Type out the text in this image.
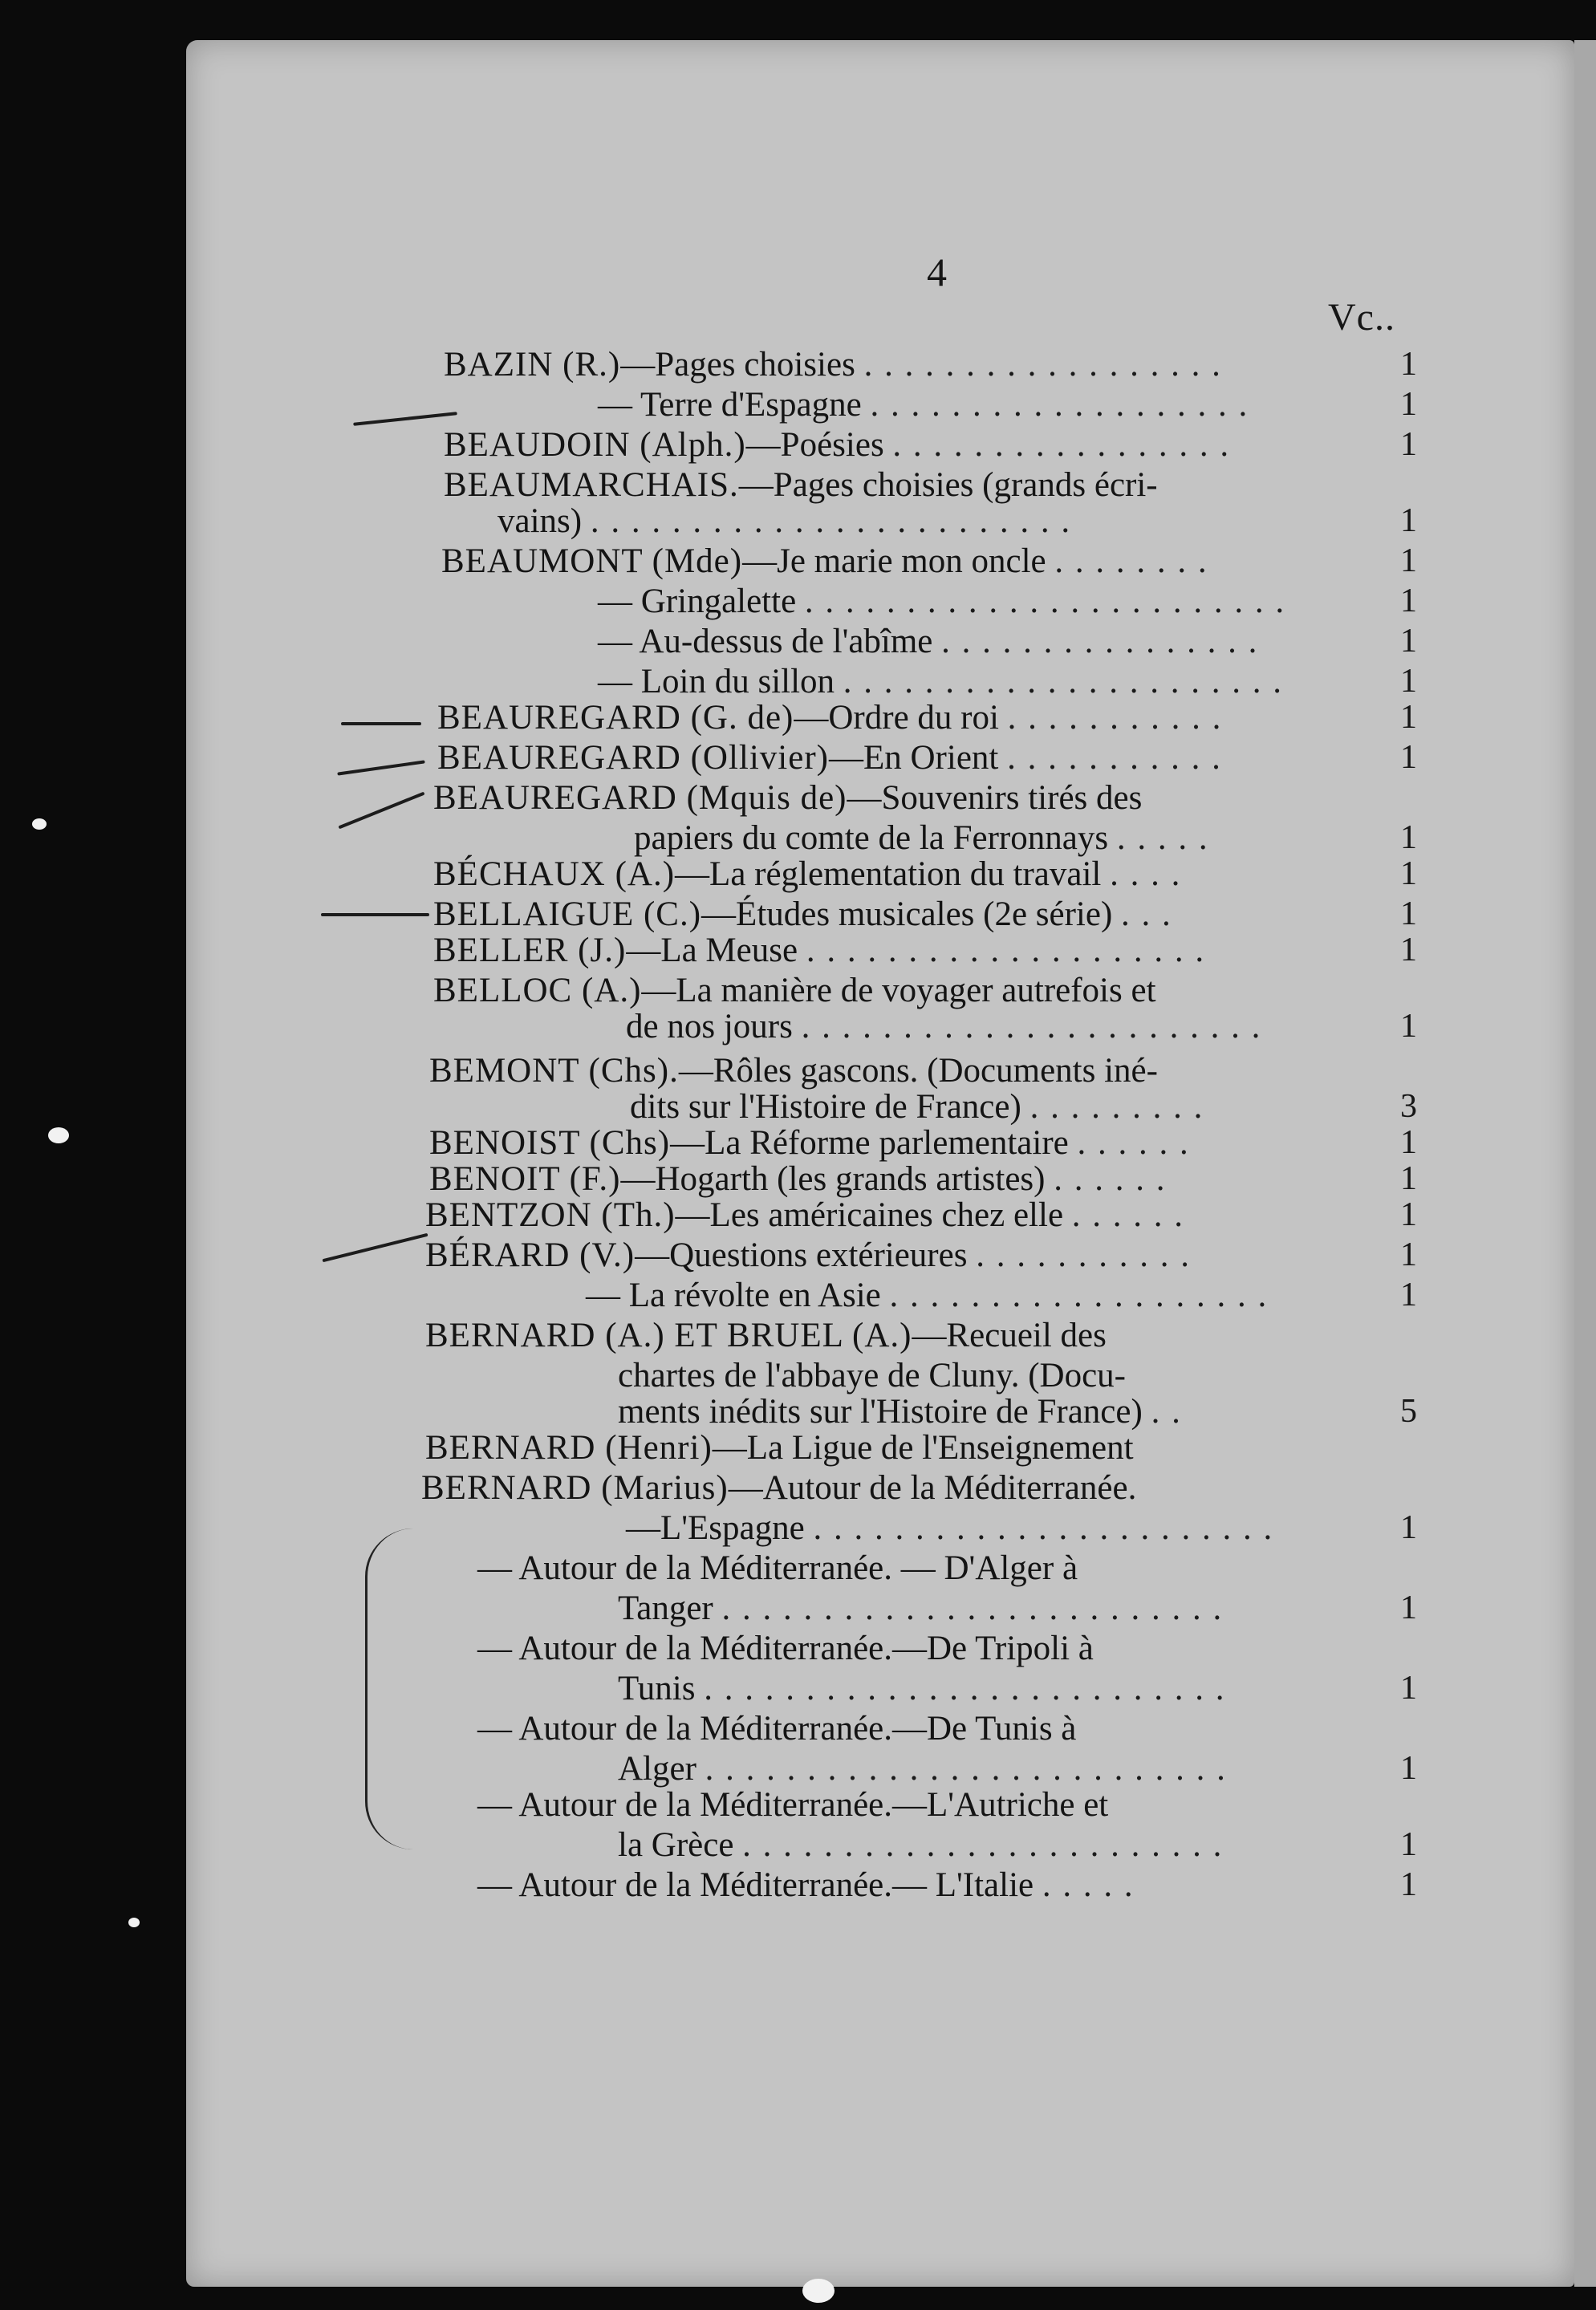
4
Vc..
BAZIN (R.)—Pages choisies . . . . . . . . . . . . . . . . . .	1
— Terre d'Espagne . . . . . . . . . . . . . . . . . . .	1
BEAUDOIN (Alph.)—Poésies . . . . . . . . . . . . . . . . .	1
BEAUMARCHAIS.—Pages choisies (grands écri-
vains) . . . . . . . . . . . . . . . . . . . . . . . .	1
BEAUMONT (Mde)—Je marie mon oncle . . . . . . . .	1
— Gringalette . . . . . . . . . . . . . . . . . . . . . . . .	1
— Au-dessus de l'abîme . . . . . . . . . . . . . . . .	1
— Loin du sillon . . . . . . . . . . . . . . . . . . . . . .	1
BEAUREGARD (G. de)—Ordre du roi . . . . . . . . . . .	1
BEAUREGARD (Ollivier)—En Orient . . . . . . . . . . .	1
BEAUREGARD (Mquis de)—Souvenirs tirés des
papiers du comte de la Ferronnays . . . . .	1
BÉCHAUX (A.)—La réglementation du travail . . . .	1
BELLAIGUE (C.)—Études musicales (2e série) . . .	1
BELLER (J.)—La Meuse . . . . . . . . . . . . . . . . . . . .	1
BELLOC (A.)—La manière de voyager autrefois et
de nos jours . . . . . . . . . . . . . . . . . . . . . . .	1
BEMONT (Chs).—Rôles gascons. (Documents iné-
dits sur l'Histoire de France) . . . . . . . . .	3
BENOIST (Chs)—La Réforme parlementaire . . . . . .	1
BENOIT (F.)—Hogarth (les grands artistes) . . . . . .	1
BENTZON (Th.)—Les américaines chez elle . . . . . .	1
BÉRARD (V.)—Questions extérieures . . . . . . . . . . .	1
— La révolte en Asie . . . . . . . . . . . . . . . . . . .	1
BERNARD (A.) ET BRUEL (A.)—Recueil des
chartes de l'abbaye de Cluny. (Docu-
ments inédits sur l'Histoire de France) . .	5
BERNARD (Henri)—La Ligue de l'Enseignement
BERNARD (Marius)—Autour de la Méditerranée.
—L'Espagne . . . . . . . . . . . . . . . . . . . . . . .	1
— Autour de la Méditerranée. — D'Alger à
Tanger . . . . . . . . . . . . . . . . . . . . . . . . .	1
— Autour de la Méditerranée.—De Tripoli à
Tunis . . . . . . . . . . . . . . . . . . . . . . . . . .	1
— Autour de la Méditerranée.—De Tunis à
Alger . . . . . . . . . . . . . . . . . . . . . . . . . .	1
— Autour de la Méditerranée.—L'Autriche et
la Grèce . . . . . . . . . . . . . . . . . . . . . . . .	1
— Autour de la Méditerranée.— L'Italie . . . . .	1
